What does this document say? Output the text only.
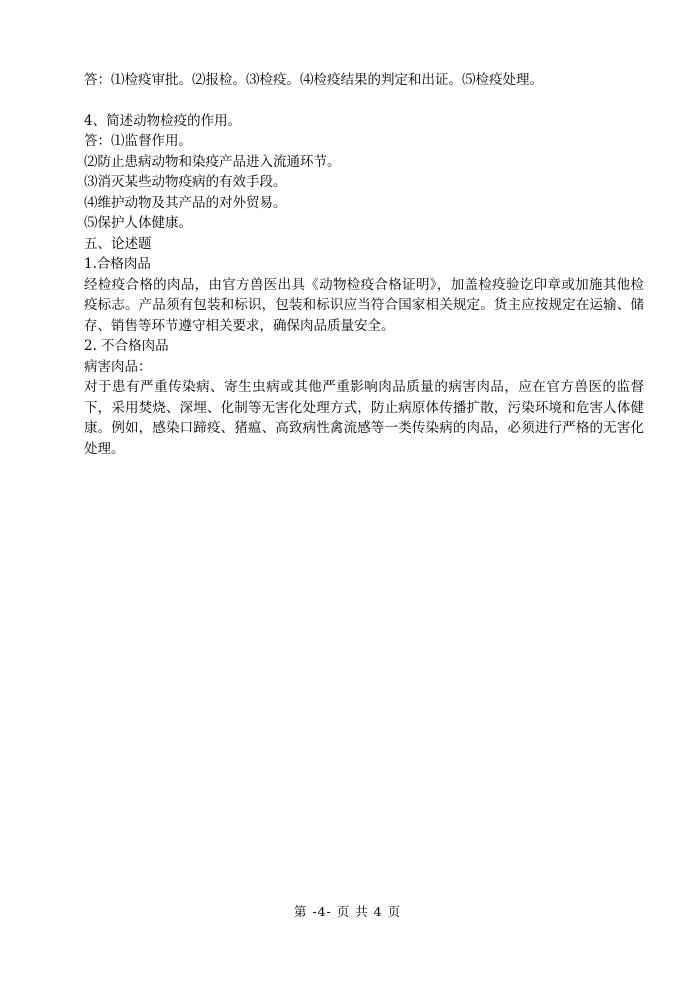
答：⑴检疫审批。⑵报检。⑶检疫。⑷检疫结果的判定和出证。⑸检疫处理。
4、简述动物检疫的作用。
答：⑴监督作用。
⑵防止患病动物和染疫产品进入流通环节。
⑶消灭某些动物疫病的有效手段。
⑷维护动物及其产品的对外贸易。
⑸保护人体健康。
五、论述题
1.合格肉品
经检疫合格的肉品，由官方兽医出具《动物检疫合格证明》，加盖检疫验讫印章或加施其他检疫标志。产品须有包装和标识，包装和标识应当符合国家相关规定。货主应按规定在运输、储存、销售等环节遵守相关要求，确保肉品质量安全。
2. 不合格肉品
病害肉品：
对于患有严重传染病、寄生虫病或其他严重影响肉品质量的病害肉品，应在官方兽医的监督下，采用焚烧、深埋、化制等无害化处理方式，防止病原体传播扩散，污染环境和危害人体健康。例如，感染口蹄疫、猪瘟、高致病性禽流感等一类传染病的肉品，必须进行严格的无害化处理。
第 -4- 页 共 4 页
